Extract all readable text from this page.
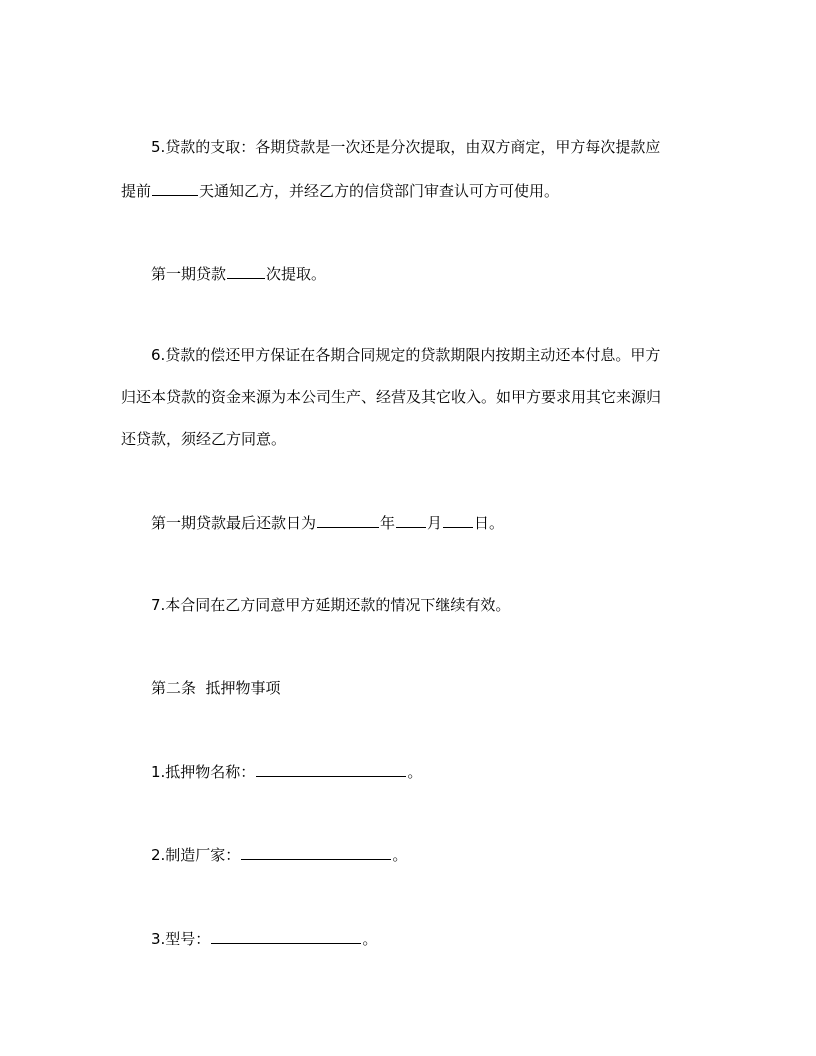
5.贷款的支取：各期贷款是一次还是分次提取，由双方商定，甲方每次提款应
提前	天通知乙方，并经乙方的信贷部门审查认可方可使用。
第一期贷款	次提取。
6.贷款的偿还甲方保证在各期合同规定的贷款期限内按期主动还本付息。甲方
归还本贷款的资金来源为本公司生产、经营及其它收入。如甲方要求用其它来源归
还贷款，须经乙方同意。
第一期贷款最后还款日为	年 月 日。
7.本合同在乙方同意甲方延期还款的情况下继续有效。
第二条  抵押物事项
1.抵押物名称：	。
2.制造厂家：	。
3.型号：	。
